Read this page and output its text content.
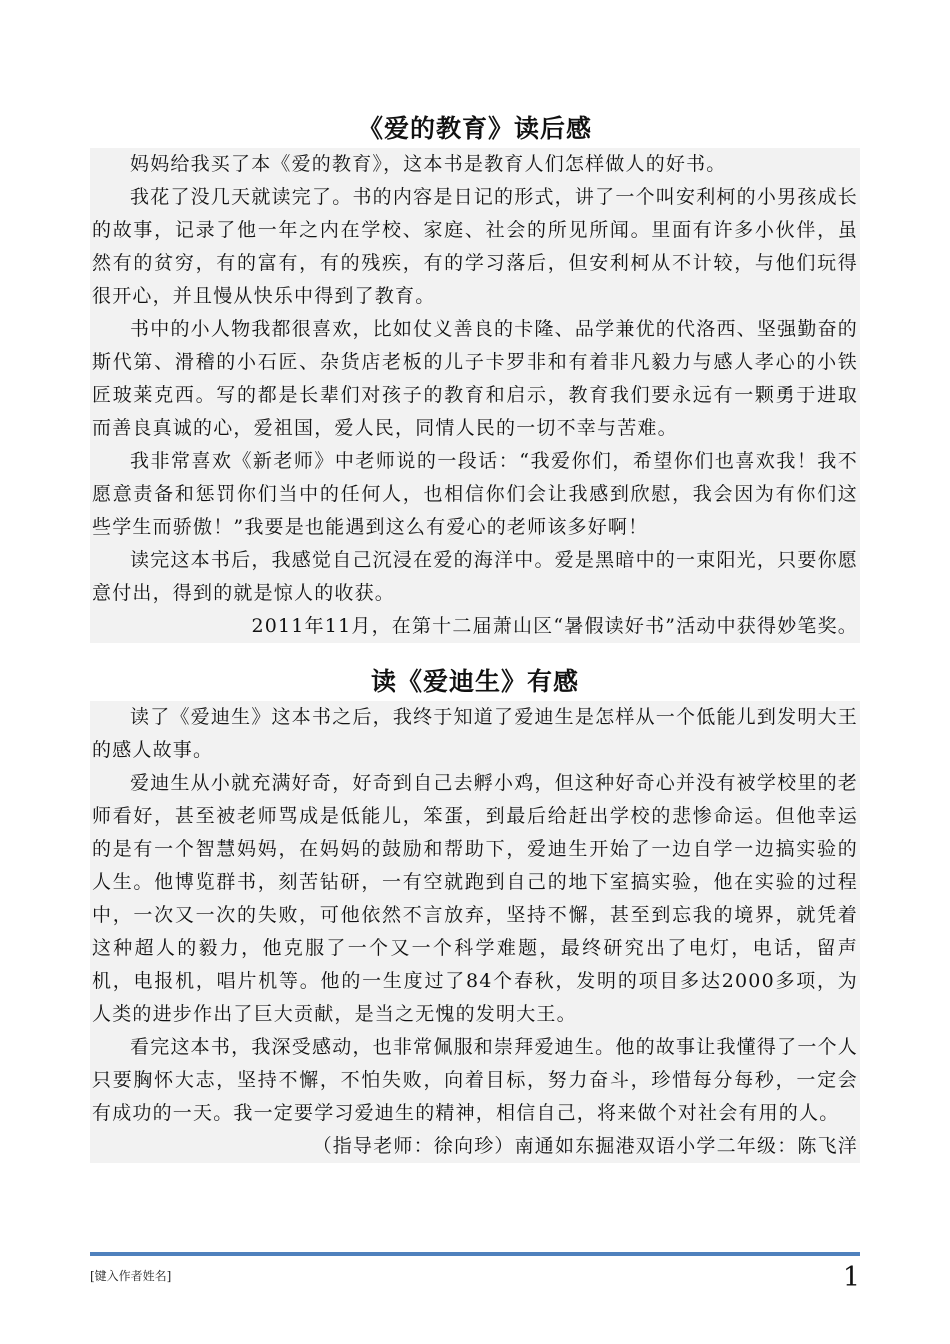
《爱的教育》读后感

妈妈给我买了本《爱的教育》，这本书是教育人们怎样做人的好书。

我花了没几天就读完了。书的内容是日记的形式，讲了一个叫安利柯的小男孩成长的故事，记录了他一年之内在学校、家庭、社会的所见所闻。里面有许多小伙伴，虽然有的贫穷，有的富有，有的残疾，有的学习落后，但安利柯从不计较，与他们玩得很开心，并且慢从快乐中得到了教育。

书中的小人物我都很喜欢，比如仗义善良的卡隆、品学兼优的代洛西、坚强勤奋的斯代第、滑稽的小石匠、杂货店老板的儿子卡罗非和有着非凡毅力与感人孝心的小铁匠玻莱克西。写的都是长辈们对孩子的教育和启示，教育我们要永远有一颗勇于进取而善良真诚的心，爱祖国，爱人民，同情人民的一切不幸与苦难。

我非常喜欢《新老师》中老师说的一段话：“我爱你们，希望你们也喜欢我！我不愿意责备和惩罚你们当中的任何人，也相信你们会让我感到欣慰，我会因为有你们这些学生而骄傲！”我要是也能遇到这么有爱心的老师该多好啊！

读完这本书后，我感觉自己沉浸在爱的海洋中。爱是黑暗中的一束阳光，只要你愿意付出，得到的就是惊人的收获。

2011年11月，在第十二届萧山区“暑假读好书”活动中获得妙笔奖。

读《爱迪生》有感

读了《爱迪生》这本书之后，我终于知道了爱迪生是怎样从一个低能儿到发明大王的感人故事。

爱迪生从小就充满好奇，好奇到自己去孵小鸡，但这种好奇心并没有被学校里的老师看好，甚至被老师骂成是低能儿，笨蛋，到最后给赶出学校的悲惨命运。但他幸运的是有一个智慧妈妈，在妈妈的鼓励和帮助下，爱迪生开始了一边自学一边搞实验的人生。他博览群书，刻苦钻研，一有空就跑到自己的地下室搞实验，他在实验的过程中，一次又一次的失败，可他依然不言放弃，坚持不懈，甚至到忘我的境界，就凭着这种超人的毅力，他克服了一个又一个科学难题，最终研究出了电灯，电话，留声机，电报机，唱片机等。他的一生度过了84个春秋，发明的项目多达2000多项，为人类的进步作出了巨大贡献，是当之无愧的发明大王。

看完这本书，我深受感动，也非常佩服和崇拜爱迪生。他的故事让我懂得了一个人只要胸怀大志，坚持不懈，不怕失败，向着目标，努力奋斗，珍惜每分每秒，一定会有成功的一天。我一定要学习爱迪生的精神，相信自己，将来做个对社会有用的人。

（指导老师：徐向珍）南通如东掘港双语小学二年级：陈飞洋

[键入作者姓名]	1
